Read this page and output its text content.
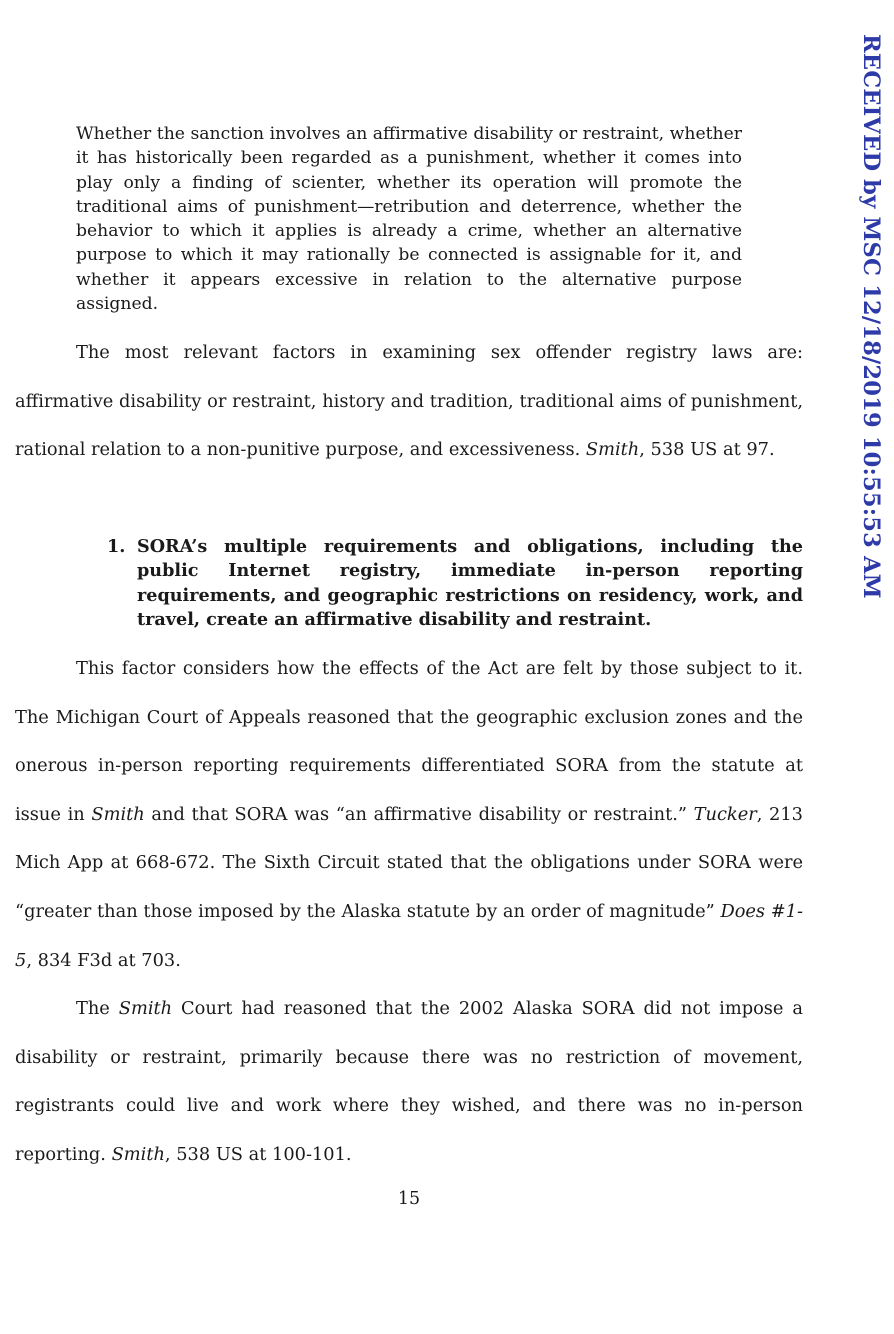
Whether the sanction involves an affirmative disability or restraint, whether it has historically been regarded as a punishment, whether it comes into play only a finding of scienter, whether its operation will promote the traditional aims of punishment—retribution and deterrence, whether the behavior to which it applies is already a crime, whether an alternative purpose to which it may rationally be connected is assignable for it, and whether it appears excessive in relation to the alternative purpose assigned.

The most relevant factors in examining sex offender registry laws are: affirmative disability or restraint, history and tradition, traditional aims of punishment, rational relation to a non-punitive purpose, and excessiveness. Smith, 538 US at 97.

1. SORA’s multiple requirements and obligations, including the public Internet registry, immediate in-person reporting requirements, and geographic restrictions on residency, work, and travel, create an affirmative disability and restraint.

This factor considers how the effects of the Act are felt by those subject to it. The Michigan Court of Appeals reasoned that the geographic exclusion zones and the onerous in-person reporting requirements differentiated SORA from the statute at issue in Smith and that SORA was “an affirmative disability or restraint.” Tucker, 213 Mich App at 668-672. The Sixth Circuit stated that the obligations under SORA were “greater than those imposed by the Alaska statute by an order of magnitude” Does #1-5, 834 F3d at 703.

The Smith Court had reasoned that the 2002 Alaska SORA did not impose a disability or restraint, primarily because there was no restriction of movement, registrants could live and work where they wished, and there was no in-person reporting. Smith, 538 US at 100-101.

15

RECEIVED by MSC 12/18/2019 10:55:53 AM
